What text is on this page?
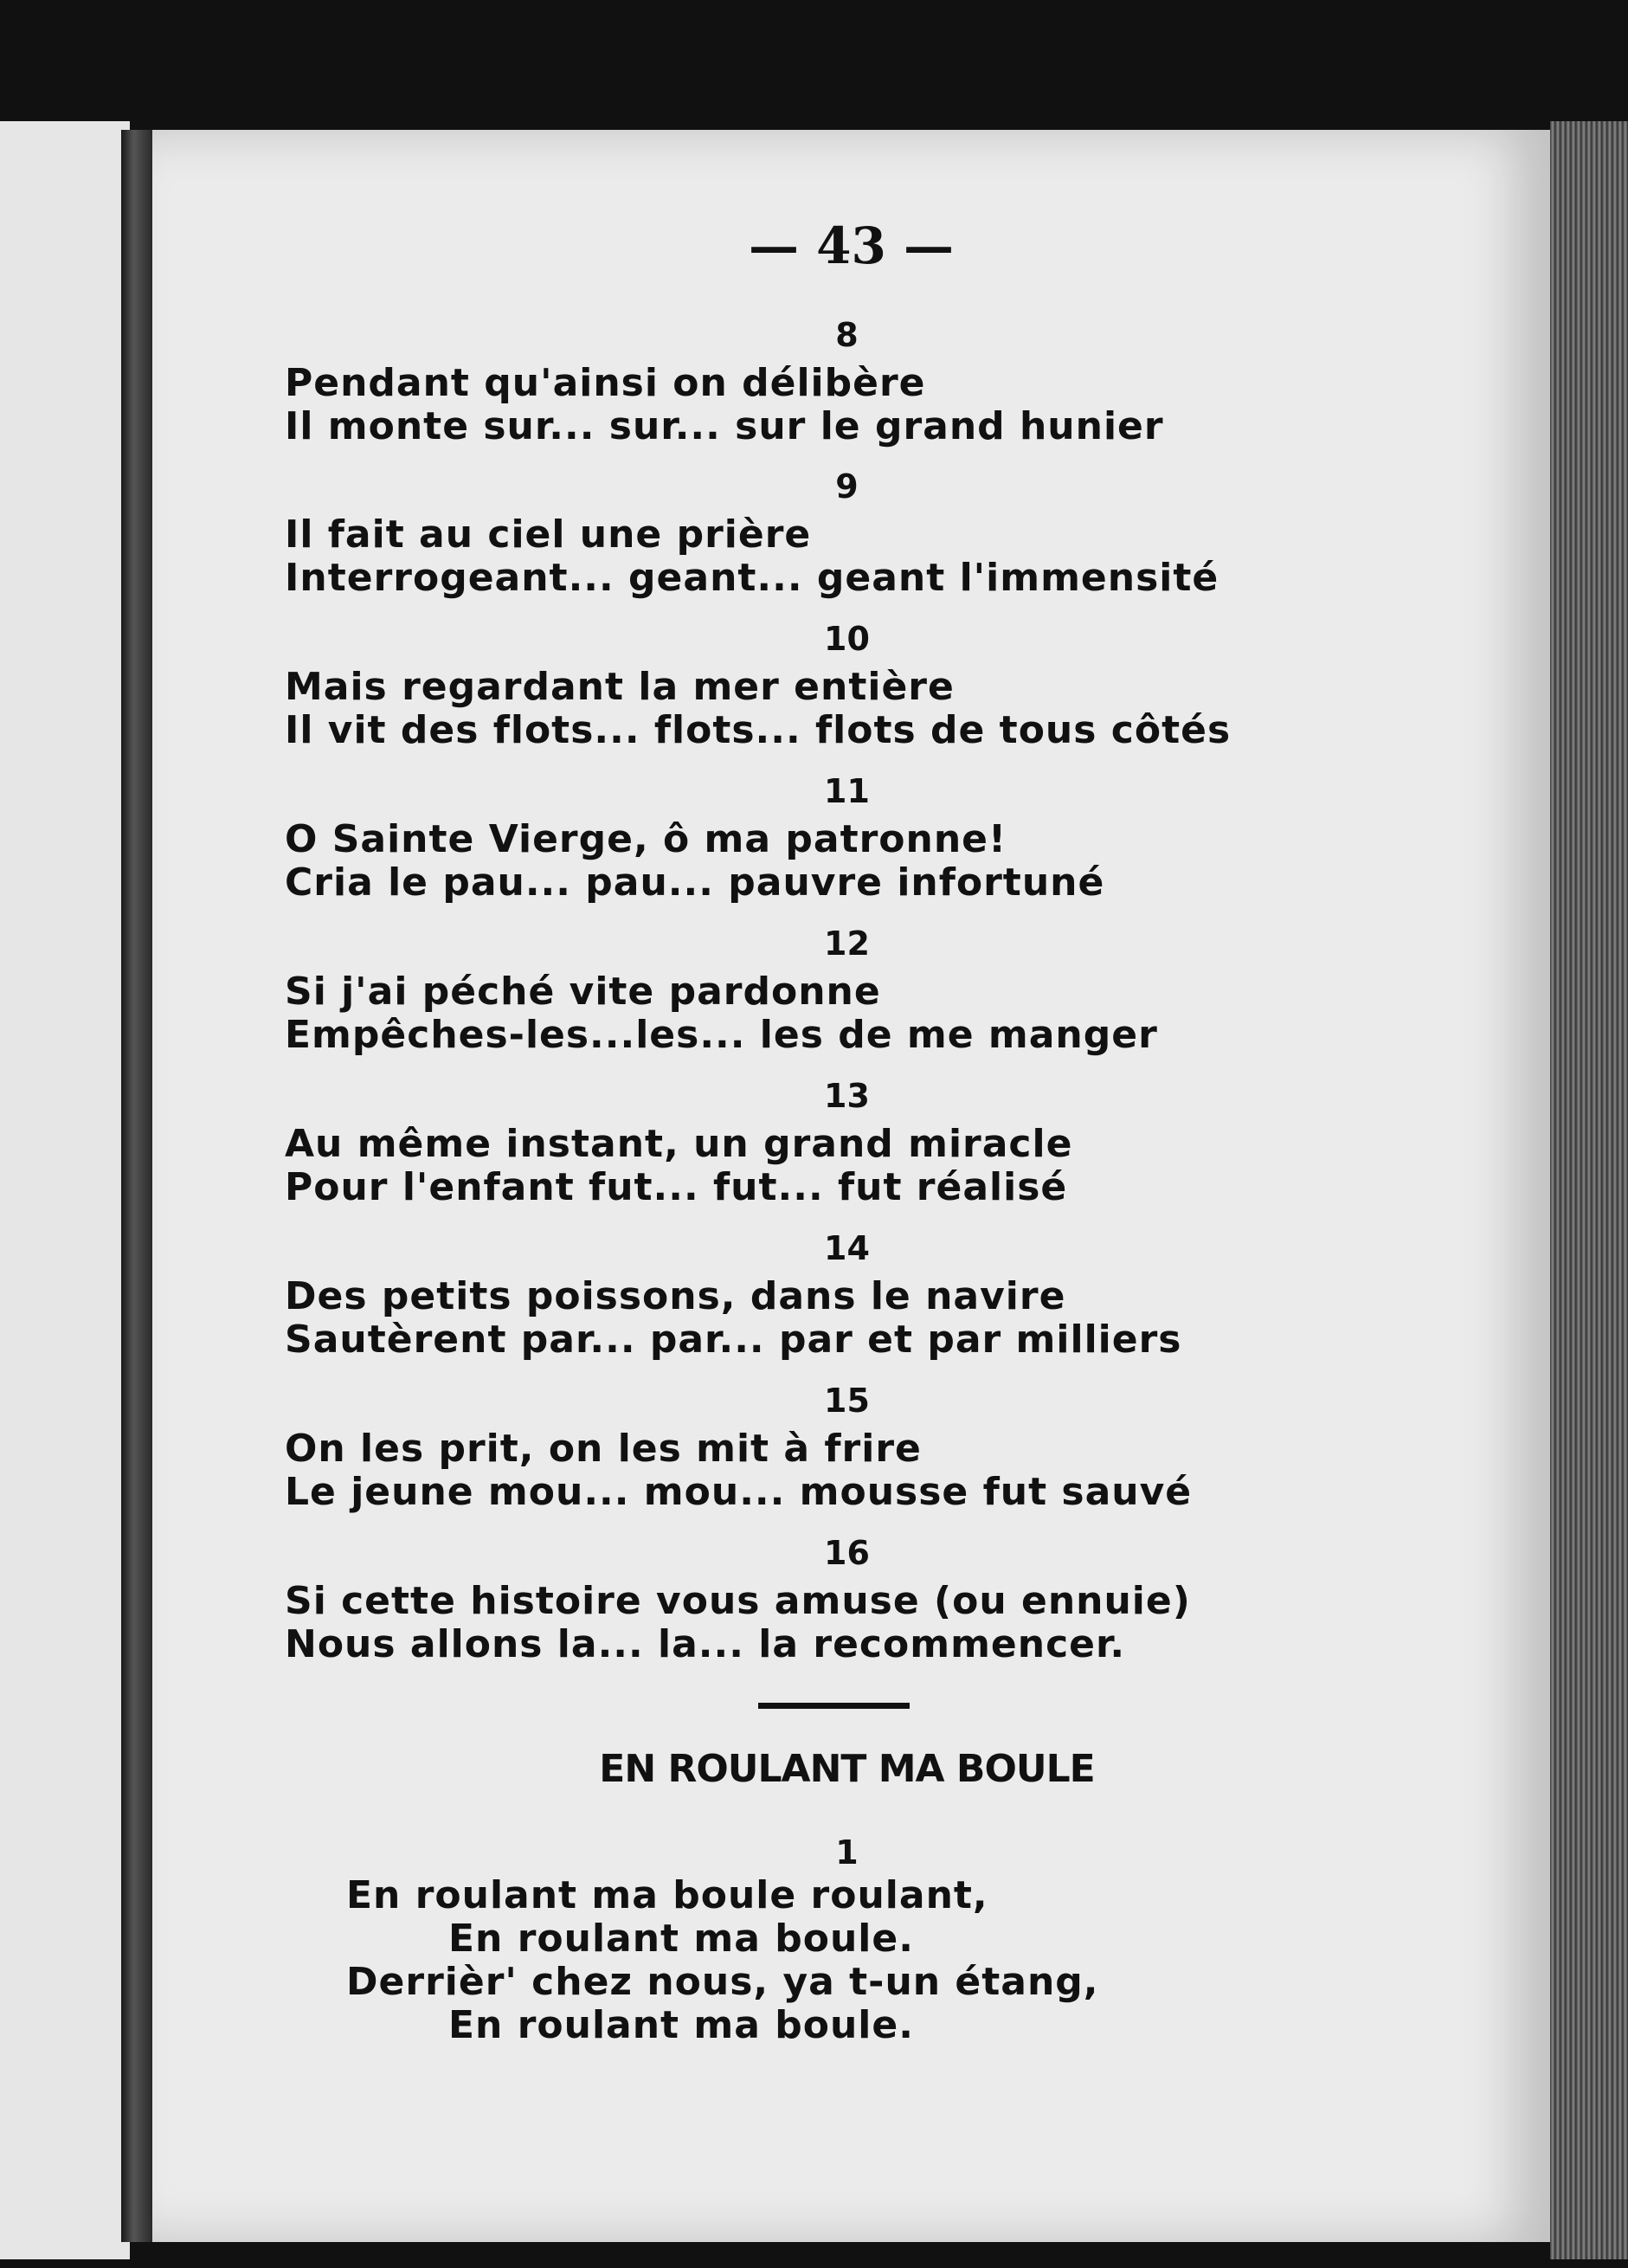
— 43 —
8
Pendant qu'ainsi on délibère
Il monte sur... sur... sur le grand hunier
9
Il fait au ciel une prière
Interrogeant... geant... geant l'immensité
10
Mais regardant la mer entière
Il vit des flots... flots... flots de tous côtés
11
O Sainte Vierge, ô ma patronne!
Cria le pau... pau... pauvre infortuné
12
Si j'ai péché vite pardonne
Empêches-les...les... les de me manger
13
Au même instant, un grand miracle
Pour l'enfant fut... fut... fut réalisé
14
Des petits poissons, dans le navire
Sautèrent par... par... par et par milliers
15
On les prit, on les mit à frire
Le jeune mou... mou... mousse fut sauvé
16
Si cette histoire vous amuse (ou ennuie)
Nous allons la... la... la recommencer.
EN ROULANT MA BOULE
1
En roulant ma boule roulant,
En roulant ma boule.
Derrièr' chez nous, ya t-un étang,
En roulant ma boule.
